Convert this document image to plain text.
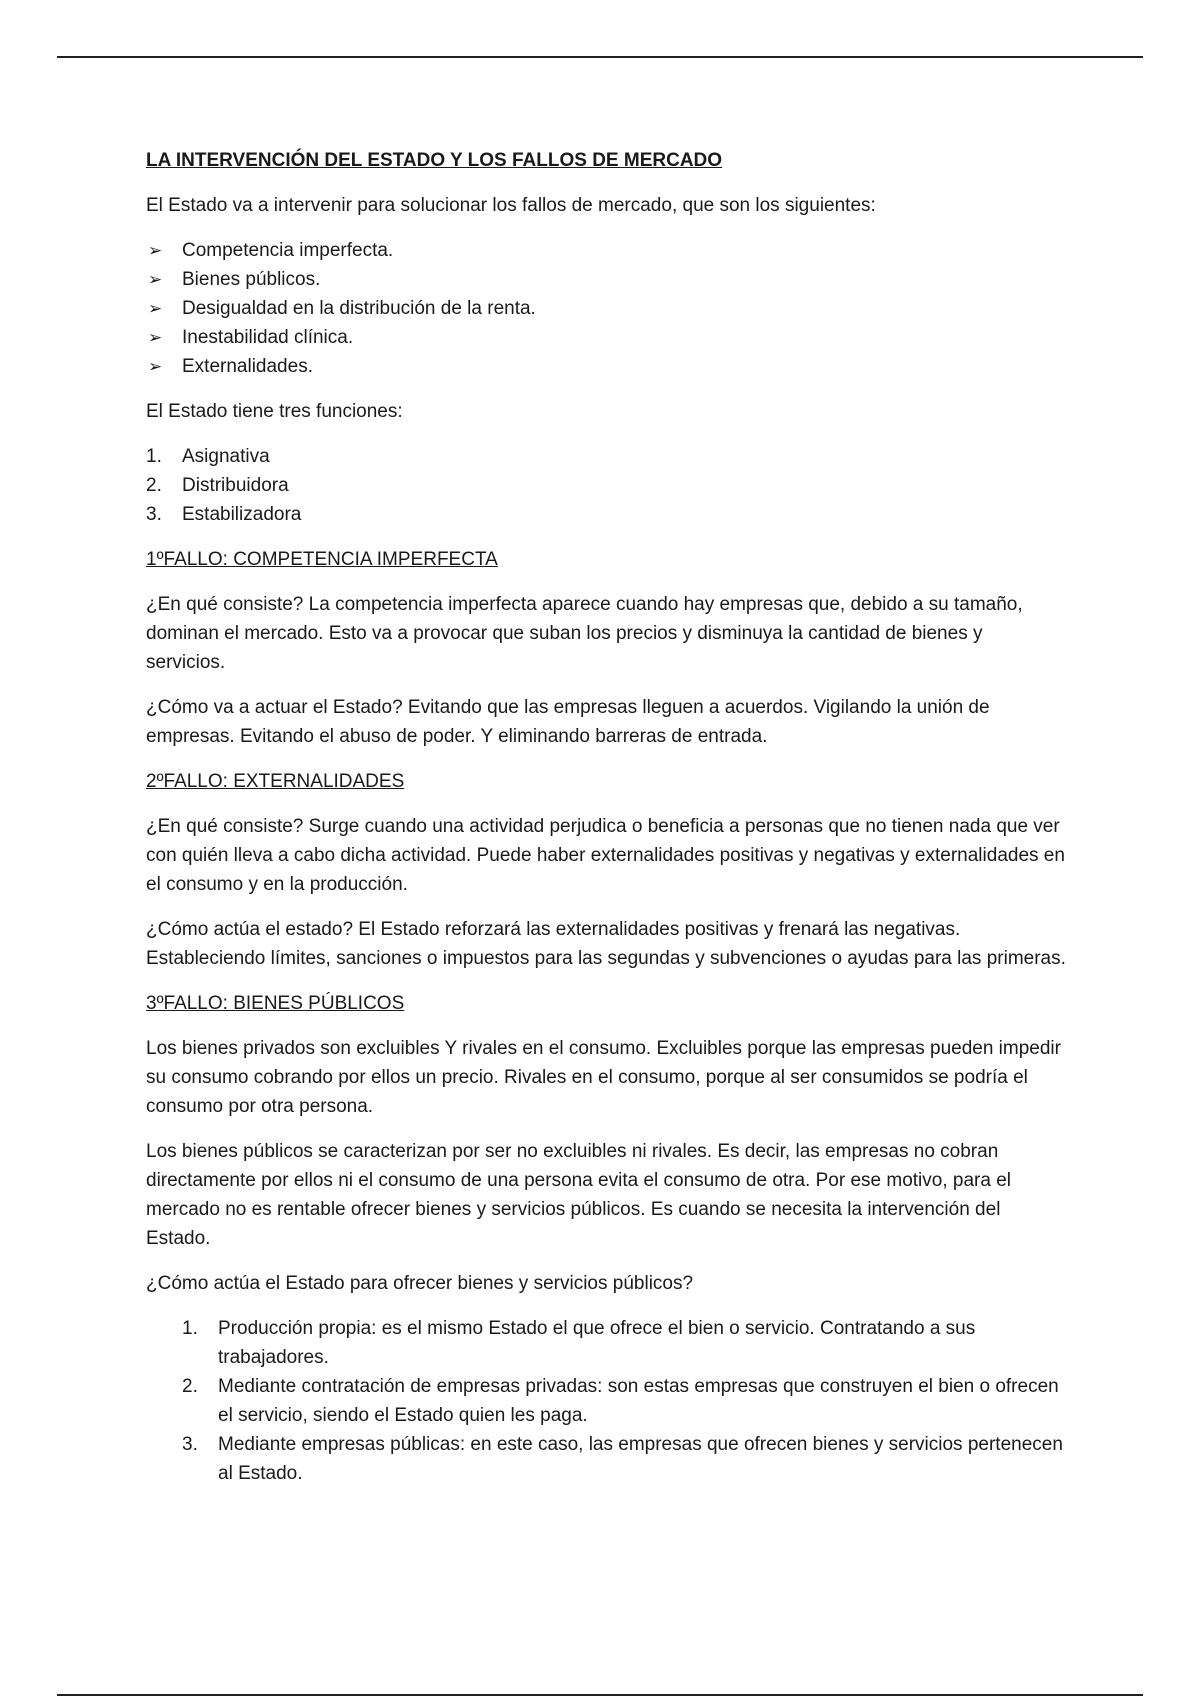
LA INTERVENCIÓN DEL ESTADO Y LOS FALLOS DE MERCADO

El Estado va a intervenir para solucionar los fallos de mercado, que son los siguientes:

➢ Competencia imperfecta.
➢ Bienes públicos.
➢ Desigualdad en la distribución de la renta.
➢ Inestabilidad clínica.
➢ Externalidades.

El Estado tiene tres funciones:

1. Asignativa
2. Distribuidora
3. Estabilizadora
1ºFALLO: COMPETENCIA IMPERFECTA

¿En qué consiste? La competencia imperfecta aparece cuando hay empresas que, debido a su tamaño, dominan el mercado. Esto va a provocar que suban los precios y disminuya la cantidad de bienes y servicios.

¿Cómo va a actuar el Estado? Evitando que las empresas lleguen a acuerdos. Vigilando la unión de empresas. Evitando el abuso de poder. Y eliminando barreras de entrada.

2ºFALLO: EXTERNALIDADES

¿En qué consiste? Surge cuando una actividad perjudica o beneficia a personas que no tienen nada que ver con quién lleva a cabo dicha actividad. Puede haber externalidades positivas y negativas y externalidades en el consumo y en la producción.

¿Cómo actúa el estado? El Estado reforzará las externalidades positivas y frenará las negativas. Estableciendo límites, sanciones o impuestos para las segundas y subvenciones o ayudas para las primeras.

3ºFALLO: BIENES PÚBLICOS

Los bienes privados son excluibles Y rivales en el consumo. Excluibles porque las empresas pueden impedir su consumo cobrando por ellos un precio. Rivales en el consumo, porque al ser consumidos se podría el consumo por otra persona.

Los bienes públicos se caracterizan por ser no excluibles ni rivales. Es decir, las empresas no cobran directamente por ellos ni el consumo de una persona evita el consumo de otra. Por ese motivo, para el mercado no es rentable ofrecer bienes y servicios públicos. Es cuando se necesita la intervención del Estado.

¿Cómo actúa el Estado para ofrecer bienes y servicios públicos?

1. Producción propia: es el mismo Estado el que ofrece el bien o servicio. Contratando a sus trabajadores.
2. Mediante contratación de empresas privadas: son estas empresas que construyen el bien o ofrecen el servicio, siendo el Estado quien les paga.
3. Mediante empresas públicas: en este caso, las empresas que ofrecen bienes y servicios pertenecen al Estado.
